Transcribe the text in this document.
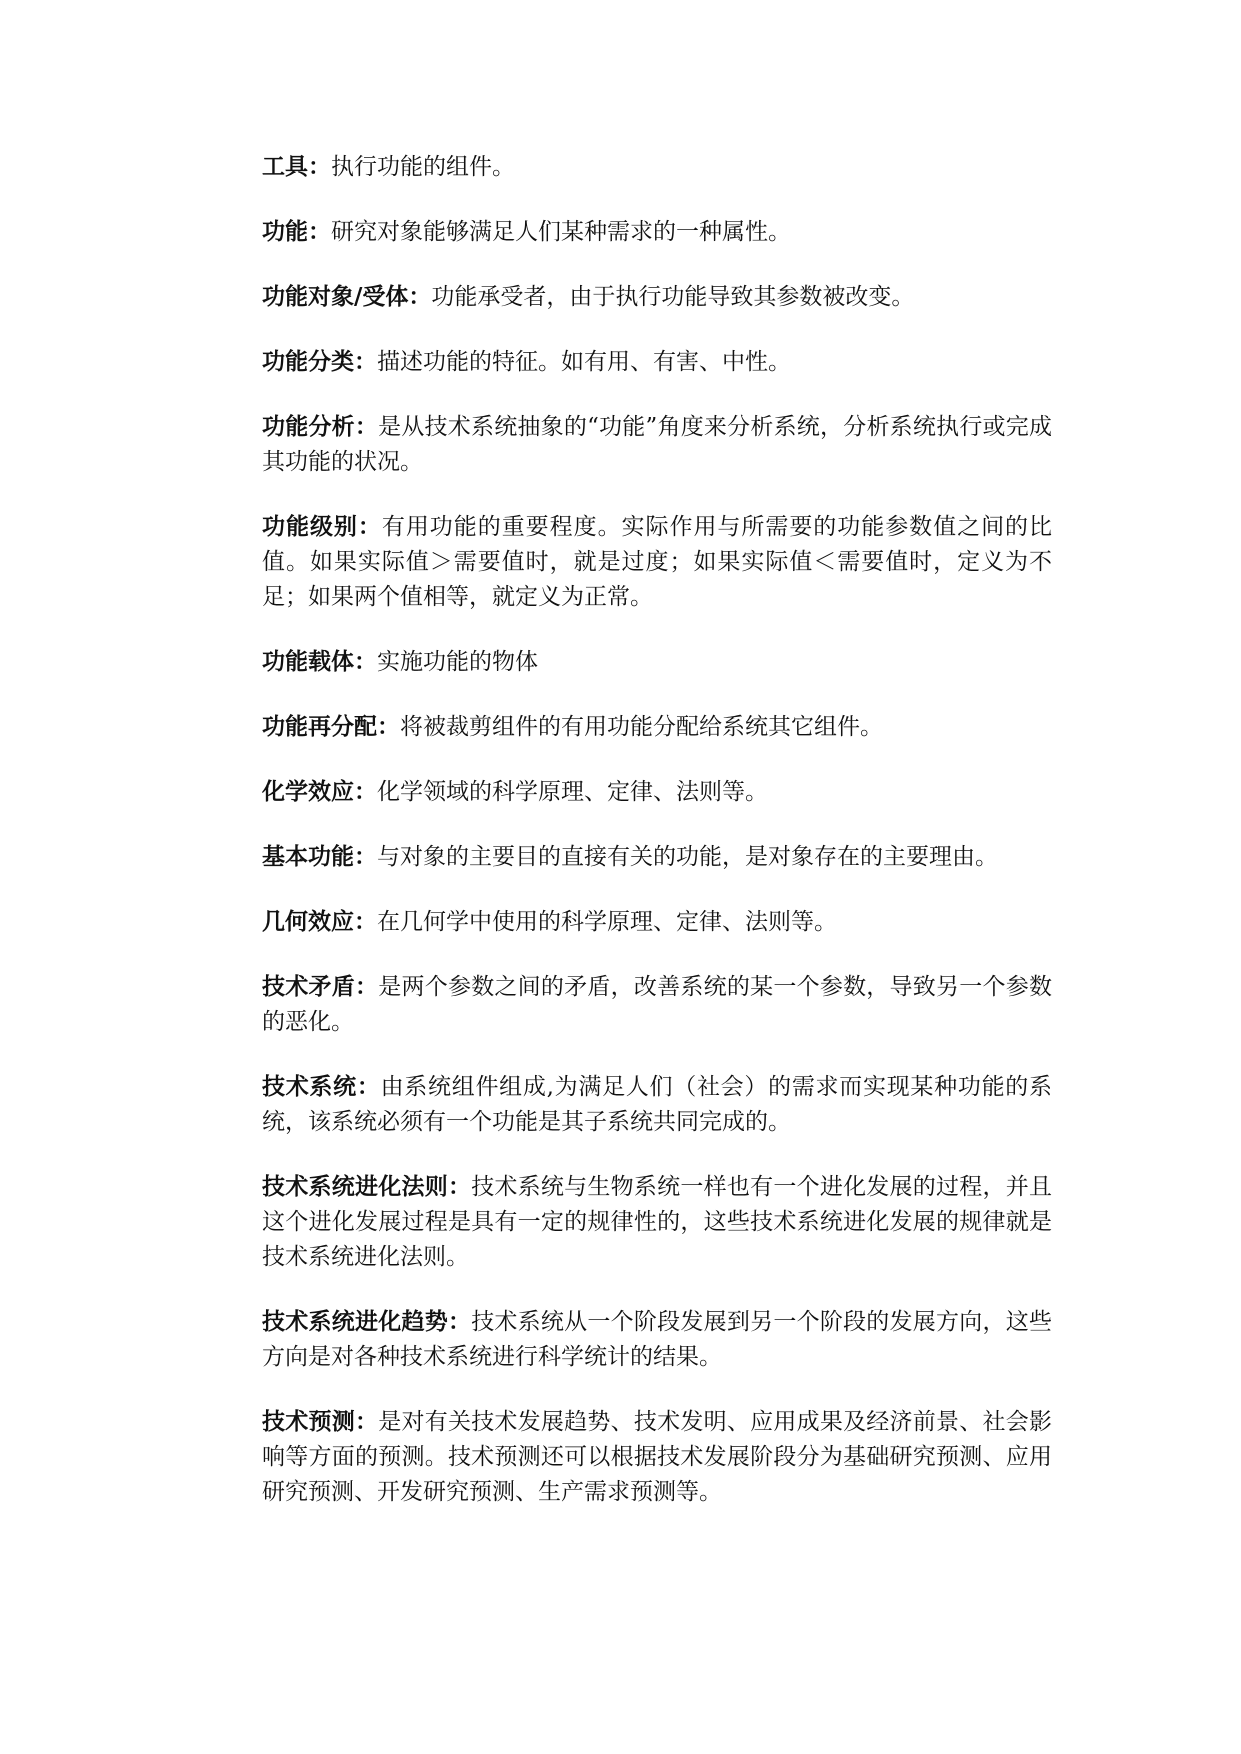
工具：执行功能的组件。

功能：研究对象能够满足人们某种需求的一种属性。

功能对象/受体：功能承受者，由于执行功能导致其参数被改变。

功能分类：描述功能的特征。如有用、有害、中性。

功能分析：是从技术系统抽象的“功能”角度来分析系统，分析系统执行或完成其功能的状况。

功能级别：有用功能的重要程度。实际作用与所需要的功能参数值之间的比值。如果实际值＞需要值时，就是过度；如果实际值＜需要值时，定义为不足；如果两个值相等，就定义为正常。

功能载体：实施功能的物体

功能再分配：将被裁剪组件的有用功能分配给系统其它组件。

化学效应：化学领域的科学原理、定律、法则等。

基本功能：与对象的主要目的直接有关的功能，是对象存在的主要理由。

几何效应：在几何学中使用的科学原理、定律、法则等。

技术矛盾：是两个参数之间的矛盾，改善系统的某一个参数，导致另一个参数的恶化。

技术系统：由系统组件组成,为满足人们（社会）的需求而实现某种功能的系统，该系统必须有一个功能是其子系统共同完成的。

技术系统进化法则：技术系统与生物系统一样也有一个进化发展的过程，并且这个进化发展过程是具有一定的规律性的，这些技术系统进化发展的规律就是技术系统进化法则。

技术系统进化趋势：技术系统从一个阶段发展到另一个阶段的发展方向，这些方向是对各种技术系统进行科学统计的结果。

技术预测：是对有关技术发展趋势、技术发明、应用成果及经济前景、社会影响等方面的预测。技术预测还可以根据技术发展阶段分为基础研究预测、应用研究预测、开发研究预测、生产需求预测等。
